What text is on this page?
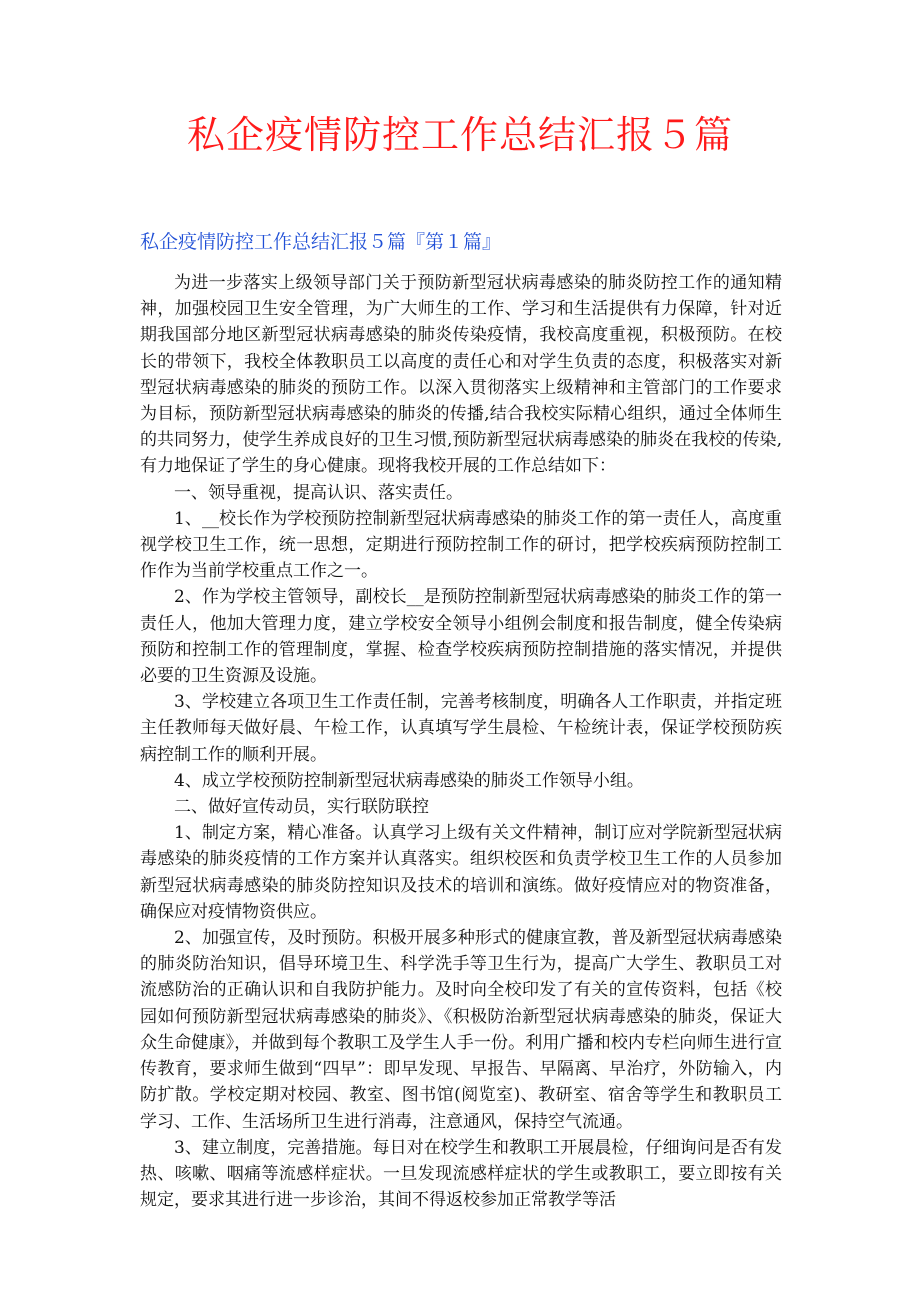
私企疫情防控工作总结汇报５篇
私企疫情防控工作总结汇报５篇『第１篇』

为进一步落实上级领导部门关于预防新型冠状病毒感染的肺炎防控工作的通知精神，加强校园卫生安全管理，为广大师生的工作、学习和生活提供有力保障，针对近期我国部分地区新型冠状病毒感染的肺炎传染疫情，我校高度重视，积极预防。在校长的带领下，我校全体教职员工以高度的责任心和对学生负责的态度，积极落实对新型冠状病毒感染的肺炎的预防工作。以深入贯彻落实上级精神和主管部门的工作要求为目标，预防新型冠状病毒感染的肺炎的传播,结合我校实际精心组织，通过全体师生的共同努力，使学生养成良好的卫生习惯,预防新型冠状病毒感染的肺炎在我校的传染,有力地保证了学生的身心健康。现将我校开展的工作总结如下：

一、领导重视，提高认识、落实责任。

1、__校长作为学校预防控制新型冠状病毒感染的肺炎工作的第一责任人，高度重视学校卫生工作，统一思想，定期进行预防控制工作的研讨，把学校疾病预防控制工作作为当前学校重点工作之一。

2、作为学校主管领导，副校长__是预防控制新型冠状病毒感染的肺炎工作的第一责任人，他加大管理力度，建立学校安全领导小组例会制度和报告制度，健全传染病预防和控制工作的管理制度，掌握、检查学校疾病预防控制措施的落实情况，并提供必要的卫生资源及设施。

3、学校建立各项卫生工作责任制，完善考核制度，明确各人工作职责，并指定班主任教师每天做好晨、午检工作，认真填写学生晨检、午检统计表，保证学校预防疾病控制工作的顺利开展。

4、成立学校预防控制新型冠状病毒感染的肺炎工作领导小组。

二、做好宣传动员，实行联防联控

1、制定方案，精心准备。认真学习上级有关文件精神，制订应对学院新型冠状病毒感染的肺炎疫情的工作方案并认真落实。组织校医和负责学校卫生工作的人员参加新型冠状病毒感染的肺炎防控知识及技术的培训和演练。做好疫情应对的物资准备，确保应对疫情物资供应。

2、加强宣传，及时预防。积极开展多种形式的健康宣教，普及新型冠状病毒感染的肺炎防治知识，倡导环境卫生、科学洗手等卫生行为，提高广大学生、教职员工对流感防治的正确认识和自我防护能力。及时向全校印发了有关的宣传资料，包括《校园如何预防新型冠状病毒感染的肺炎》、《积极防治新型冠状病毒感染的肺炎，保证大众生命健康》，并做到每个教职工及学生人手一份。利用广播和校内专栏向师生进行宣传教育，要求师生做到“四早”：即早发现、早报告、早隔离、早治疗，外防输入，内防扩散。学校定期对校园、教室、图书馆(阅览室)、教研室、宿舍等学生和教职员工学习、工作、生活场所卫生进行消毒，注意通风，保持空气流通。

3、建立制度，完善措施。每日对在校学生和教职工开展晨检，仔细询问是否有发热、咳嗽、咽痛等流感样症状。一旦发现流感样症状的学生或教职工，要立即按有关规定，要求其进行进一步诊治，其间不得返校参加正常教学等活
